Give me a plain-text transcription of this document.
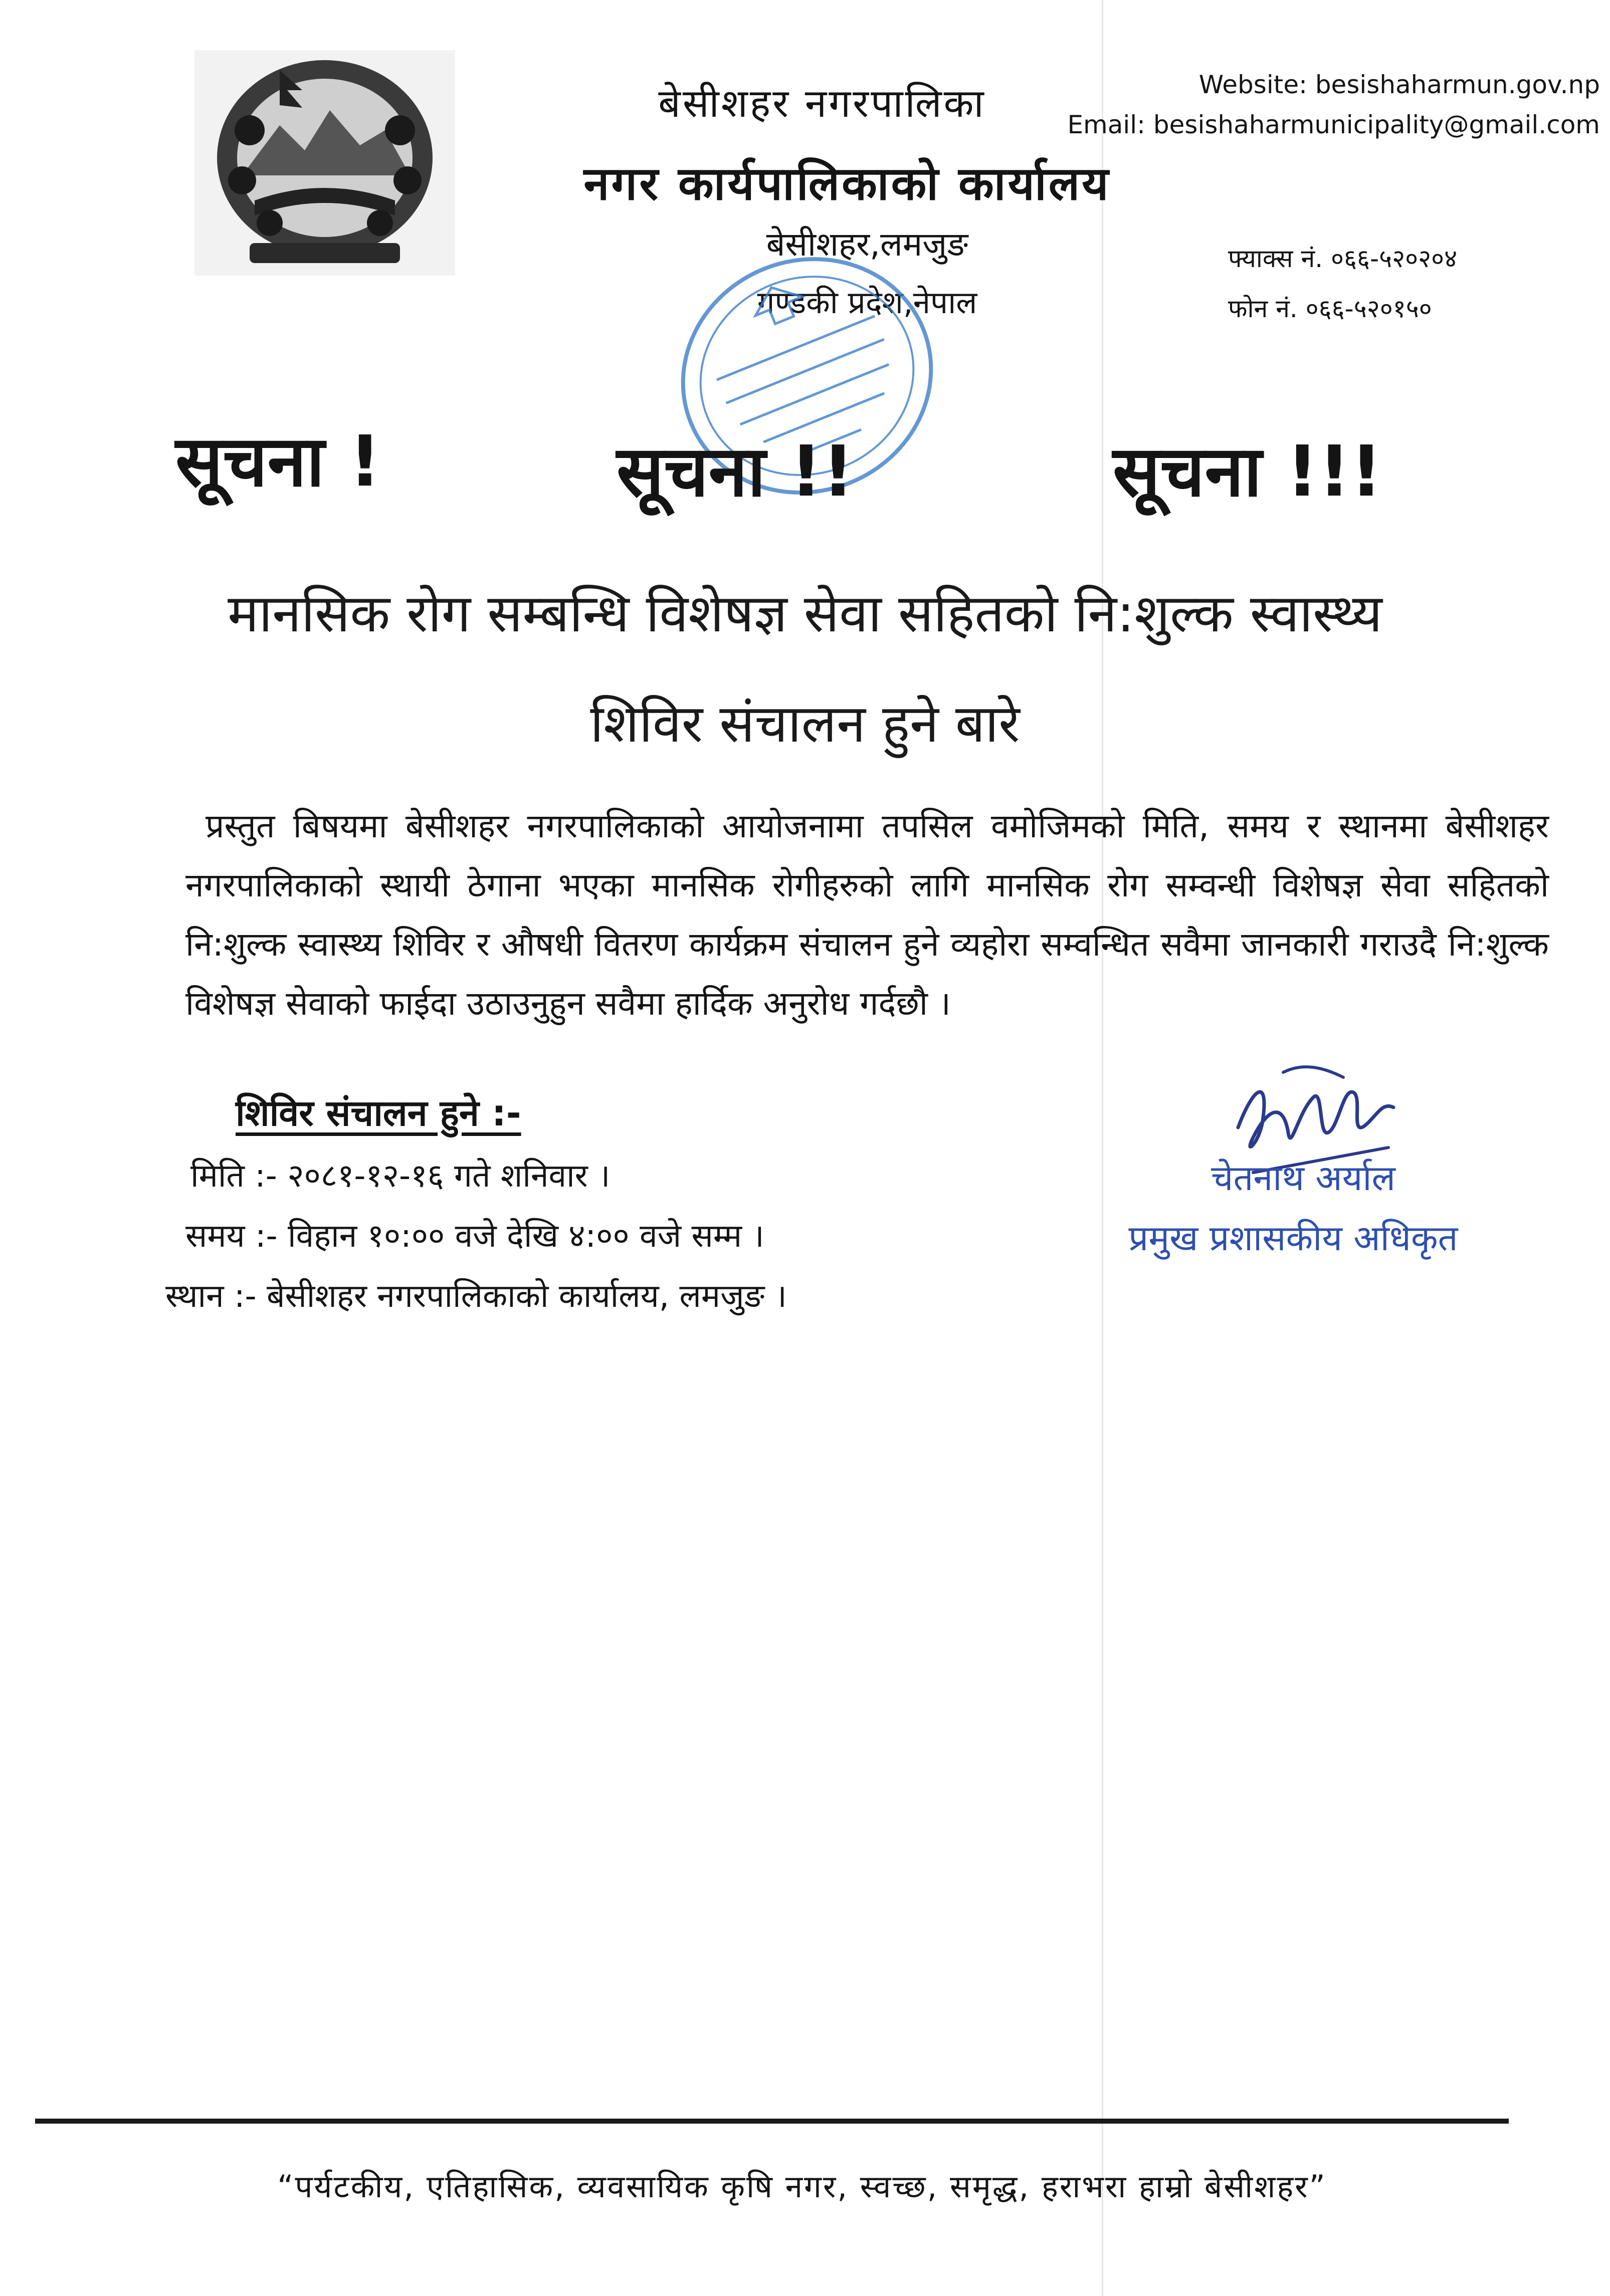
बेसीशहर नगरपालिका
नगर कार्यपालिकाको कार्यालय
बेसीशहर,लमजुङ
गण्डकी प्रदेश,नेपाल
Website: besishaharmun.gov.np
Email: besishaharmunicipality@gmail.com
फ्याक्स नं. ०६६-५२०२०४
फोन नं. ०६६-५२०१५०
सूचना !	सूचना !!	सूचना !!!
मानसिक रोग सम्बन्धि विशेषज्ञ सेवा सहितको नि:शुल्क स्वास्थ्य
शिविर संचालन हुने बारे
प्रस्तुत बिषयमा बेसीशहर नगरपालिकाको आयोजनामा तपसिल वमोजिमको मिति, समय र स्थानमा बेसीशहर नगरपालिकाको स्थायी ठेगाना भएका मानसिक रोगीहरुको लागि मानसिक रोग सम्वन्धी विशेषज्ञ सेवा सहितको नि:शुल्क स्वास्थ्य शिविर र औषधी वितरण कार्यक्रम संचालन हुने व्यहोरा सम्वन्धित सवैमा जानकारी गराउदै नि:शुल्क विशेषज्ञ सेवाको फाईदा उठाउनुहुन सवैमा हार्दिक अनुरोध गर्दछौ ।
शिविर संचालन हुने :-
मिति :- २०८१-१२-१६ गते शनिवार ।
समय :- विहान १०:०० वजे देखि ४:०० वजे सम्म ।
स्थान :- बेसीशहर नगरपालिकाको कार्यालय, लमजुङ ।
चेतनाथ अर्याल
प्रमुख प्रशासकीय अधिकृत
“पर्यटकीय, एतिहासिक, व्यवसायिक कृषि नगर, स्वच्छ, समृद्ध, हराभरा हाम्रो बेसीशहर”
